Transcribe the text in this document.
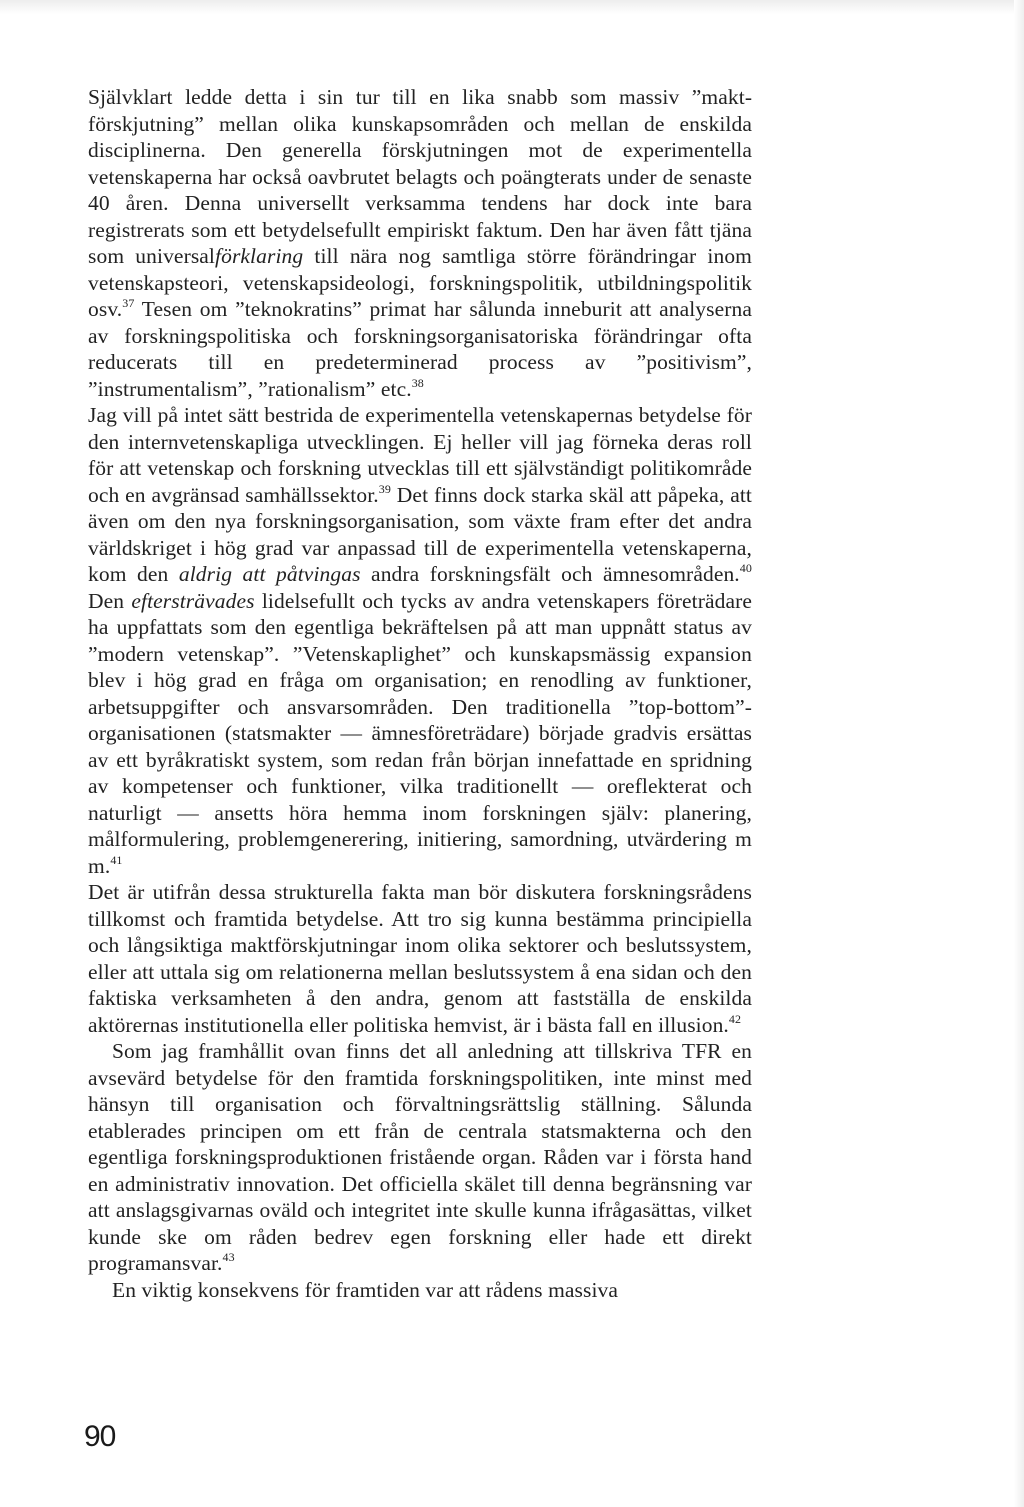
Självklart ledde detta i sin tur till en lika snabb som massiv ”maktförskjutning” mellan olika kunskapsområden och mellan de enskilda disciplinerna. Den generella förskjutningen mot de experimentella vetenskaperna har också oavbrutet belagts och poängterats under de senaste 40 åren. Denna universellt verksamma tendens har dock inte bara registrerats som ett betydelsefullt empiriskt faktum. Den har även fått tjäna som universalförklaring till nära nog samtliga större förändringar inom vetenskapsteori, vetenskapsideologi, forskningspolitik, utbildningspolitik osv.$^{37}$ Tesen om ”teknokratins” primat har sålunda inneburit att analyserna av forskningspolitiska och forskningsorganisatoriska förändringar ofta reducerats till en predeterminerad process av ”positivism”, ”instrumentalism”, ”rationalism” etc.$^{38}$

Jag vill på intet sätt bestrida de experimentella vetenskapernas betydelse för den internvetenskapliga utvecklingen. Ej heller vill jag förneka deras roll för att vetenskap och forskning utvecklas till ett självständigt politikområde och en avgränsad samhällssektor.$^{39}$ Det finns dock starka skäl att påpeka, att även om den nya forskningsorganisation, som växte fram efter det andra världskriget i hög grad var anpassad till de experimentella vetenskaperna, kom den aldrig att påtvingas andra forskningsfält och ämnesområden.$^{40}$ Den eftersträvades lidelsefullt och tycks av andra vetenskapers företrädare ha uppfattats som den egentliga bekräftelsen på att man uppnått status av ”modern vetenskap”. ”Vetenskaplighet” och kunskapsmässig expansion blev i hög grad en fråga om organisation; en renodling av funktioner, arbetsuppgifter och ansvarsområden. Den traditionella ”top-bottom”-organisationen (statsmakter — ämnesföreträdare) började gradvis ersättas av ett byråkratiskt system, som redan från början innefattade en spridning av kompetenser och funktioner, vilka traditionellt — oreflekterat och naturligt — ansetts höra hemma inom forskningen själv: planering, målformulering, problemgenerering, initiering, samordning, utvärdering m m.$^{41}$

Det är utifrån dessa strukturella fakta man bör diskutera forskningsrådens tillkomst och framtida betydelse. Att tro sig kunna bestämma principiella och långsiktiga maktförskjutningar inom olika sektorer och beslutssystem, eller att uttala sig om relationerna mellan beslutssystem å ena sidan och den faktiska verksamheten å den andra, genom att fastställa de enskilda aktörernas institutionella eller politiska hemvist, är i bästa fall en illusion.$^{42}$

Som jag framhållit ovan finns det all anledning att tillskriva TFR en avsevärd betydelse för den framtida forskningspolitiken, inte minst med hänsyn till organisation och förvaltningsrättslig ställning. Sålunda etablerades principen om ett från de centrala statsmakterna och den egentliga forskningsproduktionen fristående organ. Råden var i första hand en administrativ innovation. Det officiella skälet till denna begränsning var att anslagsgivarnas oväld och integritet inte skulle kunna ifrågasättas, vilket kunde ske om råden bedrev egen forskning eller hade ett direkt programansvar.$^{43}$

En viktig konsekvens för framtiden var att rådens massiva

90
